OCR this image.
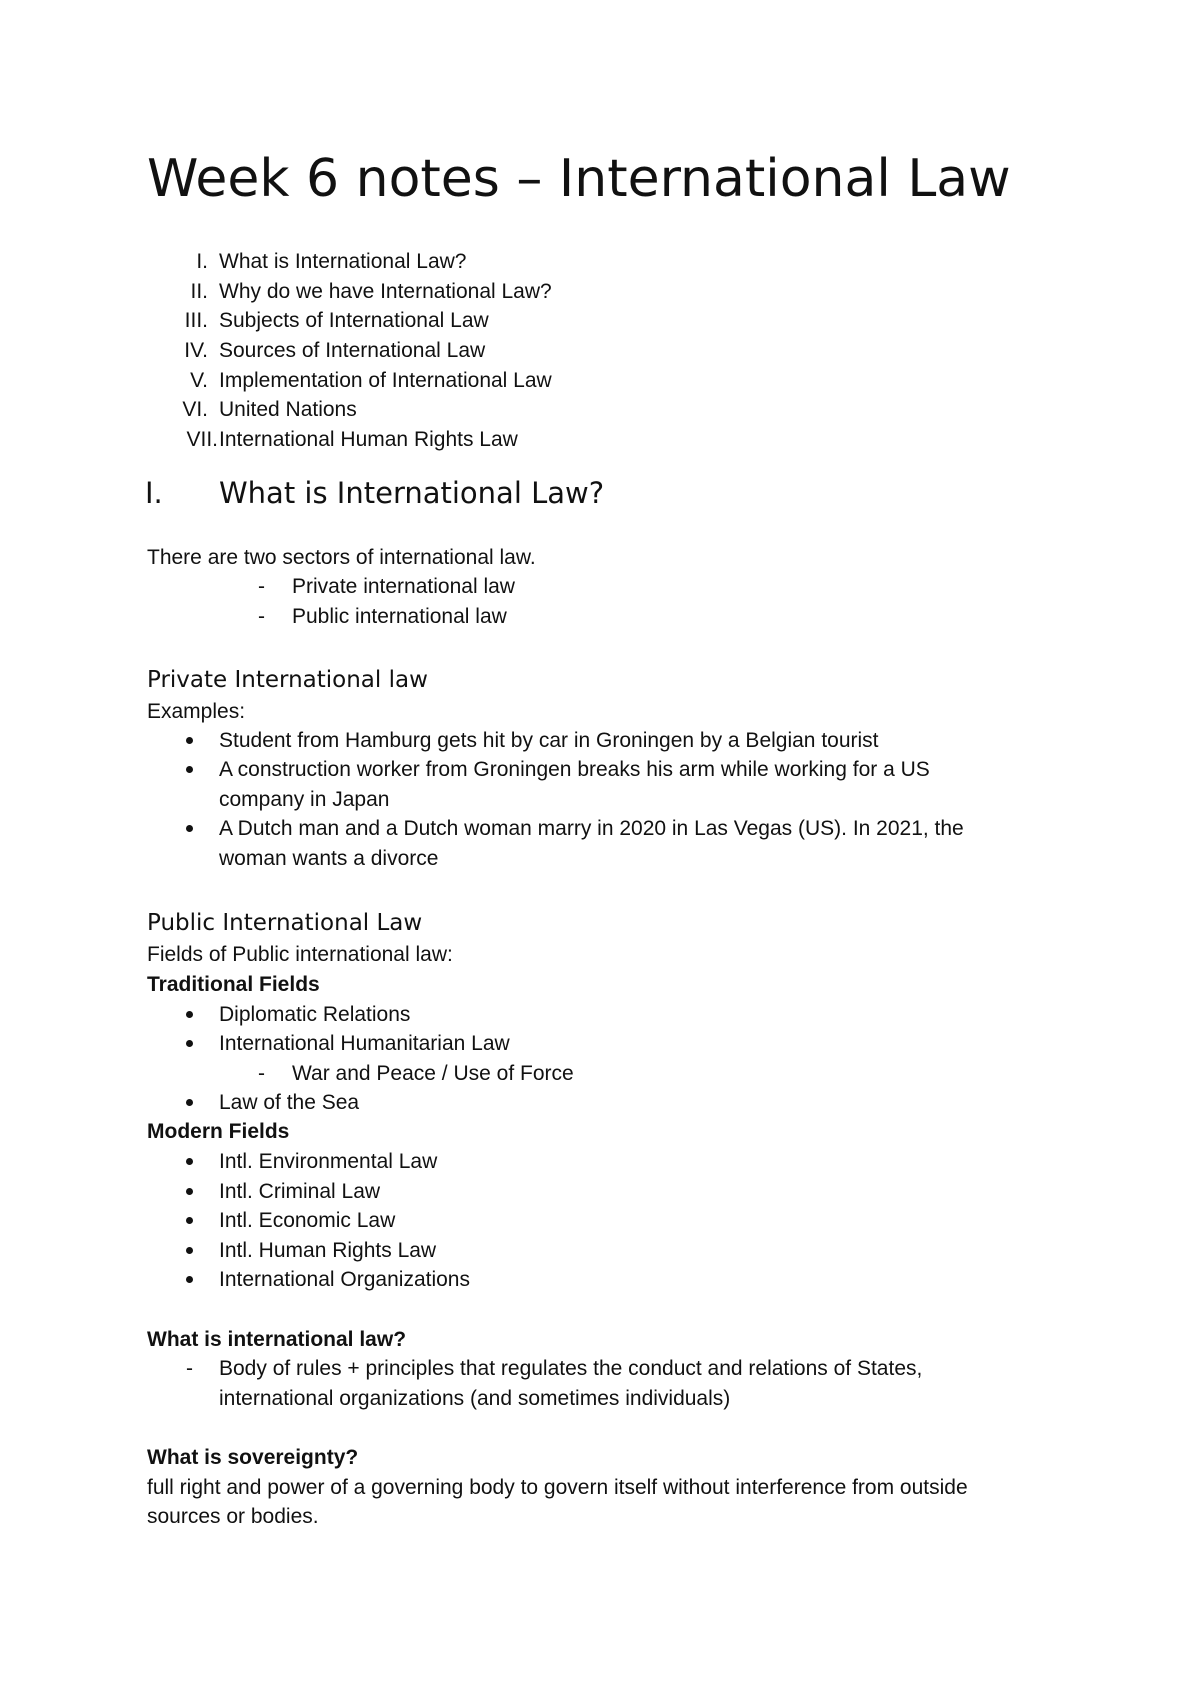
Week 6 notes – International Law
I. What is International Law?
II. Why do we have International Law?
III. Subjects of International Law
IV. Sources of International Law
V. Implementation of International Law
VI. United Nations
VII. International Human Rights Law
I. What is International Law?
There are two sectors of international law.
- Private international law
- Public international law
Private International law
Examples:
Student from Hamburg gets hit by car in Groningen by a Belgian tourist
A construction worker from Groningen breaks his arm while working for a US
company in Japan
A Dutch man and a Dutch woman marry in 2020 in Las Vegas (US). In 2021, the
woman wants a divorce
Public International Law
Fields of Public international law:
Traditional Fields
Diplomatic Relations
International Humanitarian Law
- War and Peace / Use of Force
Law of the Sea
Modern Fields
Intl. Environmental Law
Intl. Criminal Law
Intl. Economic Law
Intl. Human Rights Law
International Organizations
What is international law?
- Body of rules + principles that regulates the conduct and relations of States,
international organizations (and sometimes individuals)
What is sovereignty?
full right and power of a governing body to govern itself without interference from outside
sources or bodies.
